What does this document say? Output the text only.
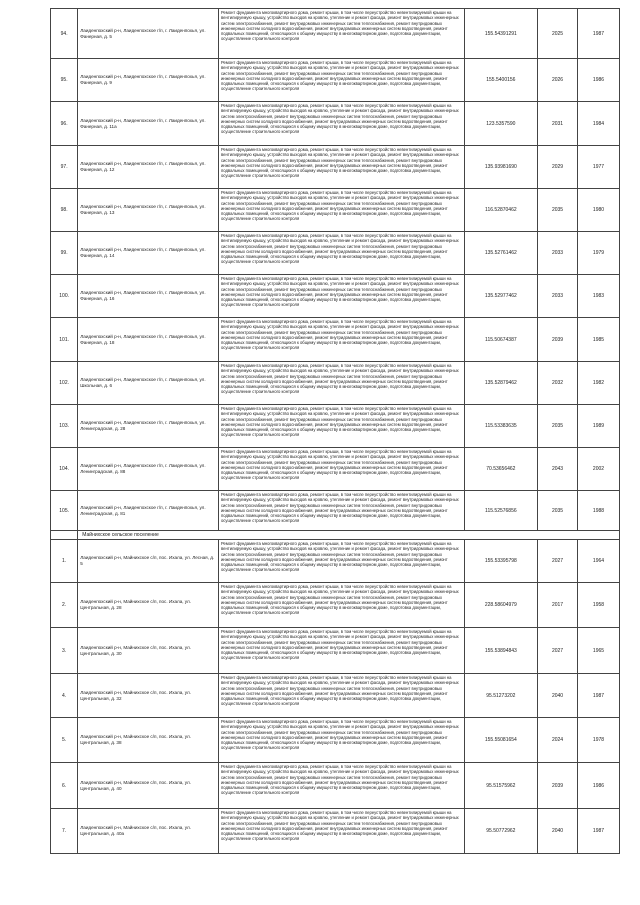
94.	Лаиденпохский р-н, Лаиденпохское г/п, г. Лаиденпохья, ул. Фанерная, д. 5	Ремонт фундамента многоквартирного дома, ремонт крыши, в том числе переустройство невентилируемой крыши на вентилируемую крышу, устройство выходов на кровлю, утепление и ремонт фасада, ремонт внутридомовых инженерных систем электроснабжения, ремонт внутридомовых инженерных систем теплоснабжения, ремонт внутридомовых инженерных систем холодного водоснабжения, ремонт внутридомовых инженерных систем водоотведения, ремонт подвальных помещений, относящихся к общему имуществу в многоквартирном доме, подготовка документации, осуществление строительного контроля	155.54391291	2025	1987
95.	Лаиденпохский р-н, Лаиденпохское г/п, г. Лаиденпохья, ул. Фанерная, д. 9	Ремонт фундамента многоквартирного дома, ремонт крыши, в том числе переустройство невентилируемой крыши на вентилируемую крышу, устройство выходов на кровлю, утепление и ремонт фасада, ремонт внутридомовых инженерных систем электроснабжения, ремонт внутридомовых инженерных систем теплоснабжения, ремонт внутридомовых инженерных систем холодного водоснабжения, ремонт внутридомовых инженерных систем водоотведения, ремонт подвальных помещений, относящихся к общему имуществу в многоквартирном доме, подготовка документации, осуществление строительного контроля	155.5400156	2026	1986
96.	Лаиденпохский р-н, Лаиденпохское г/п, г. Лаиденпохья, ул. Фанерная, д. 11а	Ремонт фундамента многоквартирного дома, ремонт крыши, в том числе переустройство невентилируемой крыши на вентилируемую крышу, устройство выходов на кровлю, утепление и ремонт фасада, ремонт внутридомовых инженерных систем электроснабжения, ремонт внутридомовых инженерных систем теплоснабжения, ремонт внутридомовых инженерных систем холодного водоснабжения, ремонт внутридомовых инженерных систем водоотведения, ремонт подвальных помещений, относящихся к общему имуществу в многоквартирном доме, подготовка документации, осуществление строительного контроля	123.5357590	2031	1984
97.	Лаиденпохский р-н, Лаиденпохское г/п, г. Лаиденпохья, ул. Фанерная, д. 12	Ремонт фундамента многоквартирного дома, ремонт крыши, в том числе переустройство невентилируемой крыши на вентилируемую крышу, устройство выходов на кровлю, утепление и ремонт фасада, ремонт внутридомовых инженерных систем электроснабжения, ремонт внутридомовых инженерных систем теплоснабжения, ремонт внутридомовых инженерных систем холодного водоснабжения, ремонт внутридомовых инженерных систем водоотведения, ремонт подвальных помещений, относящихся к общему имуществу в многоквартирном доме, подготовка документации, осуществление строительного контроля	135.93981690	2029	1977
98.	Лаиденпохский р-н, Лаиденпохское г/п, г. Лаиденпохья, ул. Фанерная, д. 13	Ремонт фундамента многоквартирного дома, ремонт крыши, в том числе переустройство невентилируемой крыши на вентилируемую крышу, устройство выходов на кровлю, утепление и ремонт фасада, ремонт внутридомовых инженерных систем электроснабжения, ремонт внутридомовых инженерных систем теплоснабжения, ремонт внутридомовых инженерных систем холодного водоснабжения, ремонт внутридомовых инженерных систем водоотведения, ремонт подвальных помещений, относящихся к общему имуществу в многоквартирном доме, подготовка документации, осуществление строительного контроля	116.52870462	2035	1980
99.	Лаиденпохский р-н, Лаиденпохское г/п, г. Лаиденпохья, ул. Фанерная, д. 14	Ремонт фундамента многоквартирного дома, ремонт крыши, в том числе переустройство невентилируемой крыши на вентилируемую крышу, устройство выходов на кровлю, утепление и ремонт фасада, ремонт внутридомовых инженерных систем электроснабжения, ремонт внутридомовых инженерных систем теплоснабжения, ремонт внутридомовых инженерных систем холодного водоснабжения, ремонт внутридомовых инженерных систем водоотведения, ремонт подвальных помещений, относящихся к общему имуществу в многоквартирном доме, подготовка документации, осуществление строительного контроля	135.52761462	2033	1979
100.	Лаиденпохский р-н, Лаиденпохское г/п, г. Лаиденпохья, ул. Фанерная, д. 16	Ремонт фундамента многоквартирного дома, ремонт крыши, в том числе переустройство невентилируемой крыши на вентилируемую крышу, устройство выходов на кровлю, утепление и ремонт фасада, ремонт внутридомовых инженерных систем электроснабжения, ремонт внутридомовых инженерных систем теплоснабжения, ремонт внутридомовых инженерных систем холодного водоснабжения, ремонт внутридомовых инженерных систем водоотведения, ремонт подвальных помещений, относящихся к общему имуществу в многоквартирном доме, подготовка документации, осуществление строительного контроля	135.52977462	2033	1983
101.	Лаиденпохский р-н, Лаиденпохское г/п, г. Лаиденпохья, ул. Фанерная, д. 18	Ремонт фундамента многоквартирного дома, ремонт крыши, в том числе переустройство невентилируемой крыши на вентилируемую крышу, устройство выходов на кровлю, утепление и ремонт фасада, ремонт внутридомовых инженерных систем электроснабжения, ремонт внутридомовых инженерных систем теплоснабжения, ремонт внутридомовых инженерных систем холодного водоснабжения, ремонт внутридомовых инженерных систем водоотведения, ремонт подвальных помещений, относящихся к общему имуществу в многоквартирном доме, подготовка документации, осуществление строительного контроля	115.50674387	2039	1985
102.	Лаиденпохский р-н, Лаиденпохское г/п, г. Лаиденпохья, ул. Школьная, д. 6	Ремонт фундамента многоквартирного дома, ремонт крыши, в том числе переустройство невентилируемой крыши на вентилируемую крышу, устройство выходов на кровлю, утепление и ремонт фасада, ремонт внутридомовых инженерных систем электроснабжения, ремонт внутридомовых инженерных систем теплоснабжения, ремонт внутридомовых инженерных систем холодного водоснабжения, ремонт внутридомовых инженерных систем водоотведения, ремонт подвальных помещений, относящихся к общему имуществу в многоквартирном доме, подготовка документации, осуществление строительного контроля	135.52879462	2032	1982
103.	Лаиденпохский р-н, Лаиденпохское г/п, г. Лаиденпохья, ул. Ленинградская, д. 28	Ремонт фундамента многоквартирного дома, ремонт крыши, в том числе переустройство невентилируемой крыши на вентилируемую крышу, устройство выходов на кровлю, утепление и ремонт фасада, ремонт внутридомовых инженерных систем электроснабжения, ремонт внутридомовых инженерных систем теплоснабжения, ремонт внутридомовых инженерных систем холодного водоснабжения, ремонт внутридомовых инженерных систем водоотведения, ремонт подвальных помещений, относящихся к общему имуществу в многоквартирном доме, подготовка документации, осуществление строительного контроля	115.53383635	2035	1989
104.	Лаиденпохский р-н, Лаиденпохское г/п, г. Лаиденпохья, ул. Ленинградская, д. 88	Ремонт фундамента многоквартирного дома, ремонт крыши, в том числе переустройство невентилируемой крыши на вентилируемую крышу, устройство выходов на кровлю, утепление и ремонт фасада, ремонт внутридомовых инженерных систем электроснабжения, ремонт внутридомовых инженерных систем теплоснабжения, ремонт внутридомовых инженерных систем холодного водоснабжения, ремонт внутридомовых инженерных систем водоотведения, ремонт подвальных помещений, относящихся к общему имуществу в многоквартирном доме, подготовка документации, осуществление строительного контроля	70.53656462	2043	2002
105.	Лаиденпохский р-н, Лаиденпохское г/п, г. Лаиденпохья, ул. Ленинградская, д. 81	Ремонт фундамента многоквартирного дома, ремонт крыши, в том числе переустройство невентилируемой крыши на вентилируемую крышу, устройство выходов на кровлю, утепление и ремонт фасада, ремонт внутридомовых инженерных систем электроснабжения, ремонт внутридомовых инженерных систем теплоснабжения, ремонт внутридомовых инженерных систем холодного водоснабжения, ремонт внутридомовых инженерных систем водоотведения, ремонт подвальных помещений, относящихся к общему имуществу в многоквартирном доме, подготовка документации, осуществление строительного контроля	115.52576856	2035	1988
	Майнихское сельское поселение				
1.	Лаиденпохский р-н, Майнихское с/п, пос. Ихала, ул. Лесная, д. 5	Ремонт фундамента многоквартирного дома, ремонт крыши, в том числе переустройство невентилируемой крыши на вентилируемую крышу, устройство выходов на кровлю, утепление и ремонт фасада, ремонт внутридомовых инженерных систем электроснабжения, ремонт внутридомовых инженерных систем теплоснабжения, ремонт внутридомовых инженерных систем холодного водоснабжения, ремонт внутридомовых инженерных систем водоотведения, ремонт подвальных помещений, относящихся к общему имуществу в многоквартирном доме, подготовка документации, осуществление строительного контроля	155.53395798	2027	1964
2.	Лаиденпохский р-н, Майнихское с/п, пос. Ихала, ул. Центральная, д. 28	Ремонт фундамента многоквартирного дома, ремонт крыши, в том числе переустройство невентилируемой крыши на вентилируемую крышу, устройство выходов на кровлю, утепление и ремонт фасада, ремонт внутридомовых инженерных систем электроснабжения, ремонт внутридомовых инженерных систем теплоснабжения, ремонт внутридомовых инженерных систем холодного водоснабжения, ремонт внутридомовых инженерных систем водоотведения, ремонт подвальных помещений, относящихся к общему имуществу в многоквартирном доме, подготовка документации, осуществление строительного контроля	228.58604979	2017	1958
3.	Лаиденпохский р-н, Майнихское с/п, пос. Ихала, ул. Центральная, д. 30	Ремонт фундамента многоквартирного дома, ремонт крыши, в том числе переустройство невентилируемой крыши на вентилируемую крышу, устройство выходов на кровлю, утепление и ремонт фасада, ремонт внутридомовых инженерных систем электроснабжения, ремонт внутридомовых инженерных систем теплоснабжения, ремонт внутридомовых инженерных систем холодного водоснабжения, ремонт внутридомовых инженерных систем водоотведения, ремонт подвальных помещений, относящихся к общему имуществу в многоквартирном доме, подготовка документации, осуществление строительного контроля	155.53894843	2027	1965
4.	Лаиденпохский р-н, Майнихское с/п, пос. Ихала, ул. Центральная, д. 32	Ремонт фундамента многоквартирного дома, ремонт крыши, в том числе переустройство невентилируемой крыши на вентилируемую крышу, устройство выходов на кровлю, утепление и ремонт фасада, ремонт внутридомовых инженерных систем электроснабжения, ремонт внутридомовых инженерных систем теплоснабжения, ремонт внутридомовых инженерных систем холодного водоснабжения, ремонт внутридомовых инженерных систем водоотведения, ремонт подвальных помещений, относящихся к общему имуществу в многоквартирном доме, подготовка документации, осуществление строительного контроля	95.51273202	2040	1987
5.	Лаиденпохский р-н, Майнихское с/п, пос. Ихала, ул. Центральная, д. 38	Ремонт фундамента многоквартирного дома, ремонт крыши, в том числе переустройство невентилируемой крыши на вентилируемую крышу, устройство выходов на кровлю, утепление и ремонт фасада, ремонт внутридомовых инженерных систем электроснабжения, ремонт внутридомовых инженерных систем теплоснабжения, ремонт внутридомовых инженерных систем холодного водоснабжения, ремонт внутридомовых инженерных систем водоотведения, ремонт подвальных помещений, относящихся к общему имуществу в многоквартирном доме, подготовка документации, осуществление строительного контроля	155.55081654	2024	1978
6.	Лаиденпохский р-н, Майнихское с/п, пос. Ихала, ул. Центральная, д. 40	Ремонт фундамента многоквартирного дома, ремонт крыши, в том числе переустройство невентилируемой крыши на вентилируемую крышу, устройство выходов на кровлю, утепление и ремонт фасада, ремонт внутридомовых инженерных систем электроснабжения, ремонт внутридомовых инженерных систем теплоснабжения, ремонт внутридомовых инженерных систем холодного водоснабжения, ремонт внутридомовых инженерных систем водоотведения, ремонт подвальных помещений, относящихся к общему имуществу в многоквартирном доме, подготовка документации, осуществление строительного контроля	95.51575962	2039	1986
7.	Лаиденпохский р-н, Майнихское с/п, пос. Ихала, ул. Центральная, д. 40а	Ремонт фундамента многоквартирного дома, ремонт крыши, в том числе переустройство невентилируемой крыши на вентилируемую крышу, устройство выходов на кровлю, утепление и ремонт фасада, ремонт внутридомовых инженерных систем электроснабжения, ремонт внутридомовых инженерных систем теплоснабжения, ремонт внутридомовых инженерных систем холодного водоснабжения, ремонт внутридомовых инженерных систем водоотведения, ремонт подвальных помещений, относящихся к общему имуществу в многоквартирном доме, подготовка документации, осуществление строительного контроля	95.50772962	2040	1987
